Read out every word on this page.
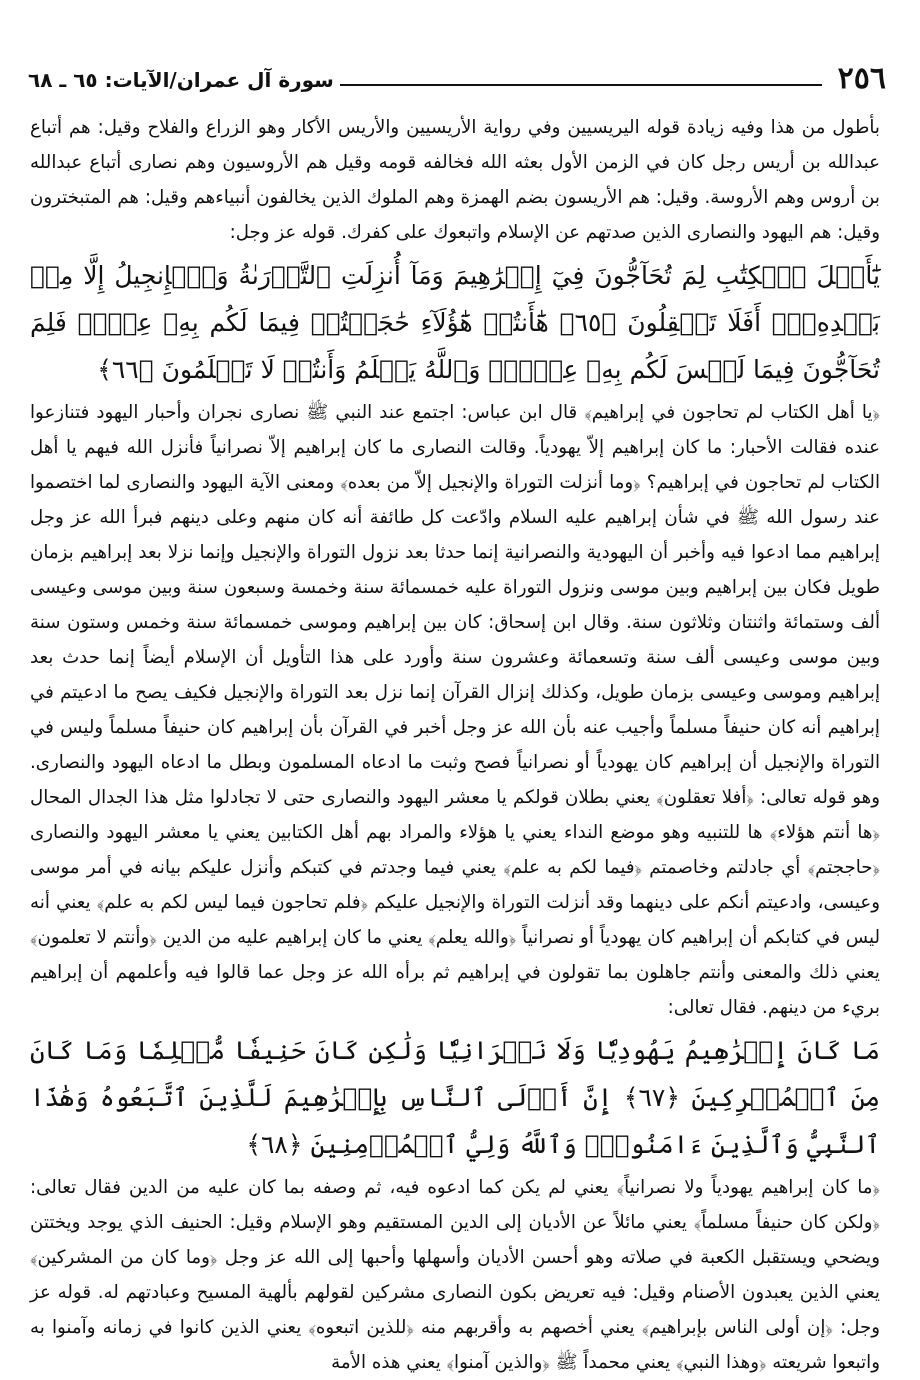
٢٥٦
سورة آل عمران/الآيات: ٦٥ ـ ٦٨

بأطول من هذا وفيه زيادة قوله اليريسيين وفي رواية الأريسيين والأريس الأكار وهو الزراع والفلاح وقيل: هم أتباع عبدالله بن أريس رجل كان في الزمن الأول بعثه الله فخالفه قومه وقيل هم الأروسيون وهم نصارى أتباع عبدالله بن أروس وهم الأروسة. وقيل: هم الأريسون بضم الهمزة وهم الملوك الذين يخالفون أنبياءهم وقيل: هم المتبخترون وقيل: هم اليهود والنصارى الذين صدتهم عن الإسلام واتبعوك على كفرك. قوله عز وجل:

يَٰٓأَهۡلَ ٱلۡكِتَٰبِ لِمَ تُحَآجُّونَ فِيٓ إِبۡرَٰهِيمَ وَمَآ أُنزِلَتِ ٱلتَّوۡرَىٰةُ وَٱلۡإِنجِيلُ إِلَّا مِنۢ بَعۡدِهِۦٓۚ أَفَلَا تَعۡقِلُونَ ﴿٦٥﴾ هَٰٓأَنتُمۡ هَٰٓؤُلَآءِ حَٰجَجۡتُمۡ فِيمَا لَكُم بِهِۦ عِلۡمٞ فَلِمَ تُحَآجُّونَ فِيمَا لَيۡسَ لَكُم بِهِۦ عِلۡمٞۚ وَٱللَّهُ يَعۡلَمُ وَأَنتُمۡ لَا تَعۡلَمُونَ ﴿٦٦﴾

﴿يا أهل الكتاب لم تحاجون في إبراهيم﴾ قال ابن عباس: اجتمع عند النبي ﷺ نصارى نجران وأحبار اليهود فتنازعوا عنده فقالت الأحبار: ما كان إبراهيم إلاّ يهودياً. وقالت النصارى ما كان إبراهيم إلاّ نصرانياً فأنزل الله فيهم يا أهل الكتاب لم تحاجون في إبراهيم؟ ﴿وما أنزلت التوراة والإنجيل إلاّ من بعده﴾ ومعنى الآية اليهود والنصارى لما اختصموا عند رسول الله ﷺ في شأن إبراهيم عليه السلام وادّعت كل طائفة أنه كان منهم وعلى دينهم فبرأ الله عز وجل إبراهيم مما ادعوا فيه وأخبر أن اليهودية والنصرانية إنما حدثا بعد نزول التوراة والإنجيل وإنما نزلا بعد إبراهيم بزمان طويل فكان بين إبراهيم وبين موسى ونزول التوراة عليه خمسمائة سنة وخمسة وسبعون سنة وبين موسى وعيسى ألف وستمائة واثنتان وثلاثون سنة. وقال ابن إسحاق: كان بين إبراهيم وموسى خمسمائة سنة وخمس وستون سنة وبين موسى وعيسى ألف سنة وتسعمائة وعشرون سنة وأورد على هذا التأويل أن الإسلام أيضاً إنما حدث بعد إبراهيم وموسى وعيسى بزمان طويل، وكذلك إنزال القرآن إنما نزل بعد التوراة والإنجيل فكيف يصح ما ادعيتم في إبراهيم أنه كان حنيفاً مسلماً وأجيب عنه بأن الله عز وجل أخبر في القرآن بأن إبراهيم كان حنيفاً مسلماً وليس في التوراة والإنجيل أن إبراهيم كان يهودياً أو نصرانياً فصح وثبت ما ادعاه المسلمون وبطل ما ادعاه اليهود والنصارى. وهو قوله تعالى: ﴿أفلا تعقلون﴾ يعني بطلان قولكم يا معشر اليهود والنصارى حتى لا تجادلوا مثل هذا الجدال المحال ﴿ها أنتم هؤلاء﴾ ها للتنبيه وهو موضع النداء يعني يا هؤلاء والمراد بهم أهل الكتابين يعني يا معشر اليهود والنصارى ﴿حاججتم﴾ أي جادلتم وخاصمتم ﴿فيما لكم به علم﴾ يعني فيما وجدتم في كتبكم وأنزل عليكم بيانه في أمر موسى وعيسى، وادعيتم أنكم على دينهما وقد أنزلت التوراة والإنجيل عليكم ﴿فلم تحاجون فيما ليس لكم به علم﴾ يعني أنه ليس في كتابكم أن إبراهيم كان يهودياً أو نصرانياً ﴿والله يعلم﴾ يعني ما كان إبراهيم عليه من الدين ﴿وأنتم لا تعلمون﴾ يعني ذلك والمعنى وأنتم جاهلون بما تقولون في إبراهيم ثم برأه الله عز وجل عما قالوا فيه وأعلمهم أن إبراهيم بريء من دينهم. فقال تعالى:

مَا كَانَ إِبۡرَٰهِيمُ يَهُودِيّٗا وَلَا نَصۡرَانِيّٗا وَلَٰكِن كَانَ حَنِيفٗا مُّسۡلِمٗا وَمَا كَانَ مِنَ ٱلۡمُشۡرِكِينَ ﴿٦٧﴾ إِنَّ أَوۡلَى ٱلنَّاسِ بِإِبۡرَٰهِيمَ لَلَّذِينَ ٱتَّبَعُوهُ وَهَٰذَا ٱلنَّبِيُّ وَٱلَّذِينَ ءَامَنُواْۗ وَٱللَّهُ وَلِيُّ ٱلۡمُؤۡمِنِينَ ﴿٦٨﴾

﴿ما كان إبراهيم يهودياً ولا نصرانياً﴾ يعني لم يكن كما ادعوه فيه، ثم وصفه بما كان عليه من الدين فقال تعالى: ﴿ولكن كان حنيفاً مسلماً﴾ يعني مائلاً عن الأديان إلى الدين المستقيم وهو الإسلام وقيل: الحنيف الذي يوجد ويختتن ويضحي ويستقبل الكعبة في صلاته وهو أحسن الأديان وأسهلها وأحبها إلى الله عز وجل ﴿وما كان من المشركين﴾ يعني الذين يعبدون الأصنام وقيل: فيه تعريض بكون النصارى مشركين لقولهم بألهية المسيح وعبادتهم له. قوله عز وجل: ﴿إن أولى الناس بإبراهيم﴾ يعني أخصهم به وأقربهم منه ﴿للذين اتبعوه﴾ يعني الذين كانوا في زمانه وآمنوا به واتبعوا شريعته ﴿وهذا النبي﴾ يعني محمداً ﷺ ﴿والذين آمنوا﴾ يعني هذه الأمة
